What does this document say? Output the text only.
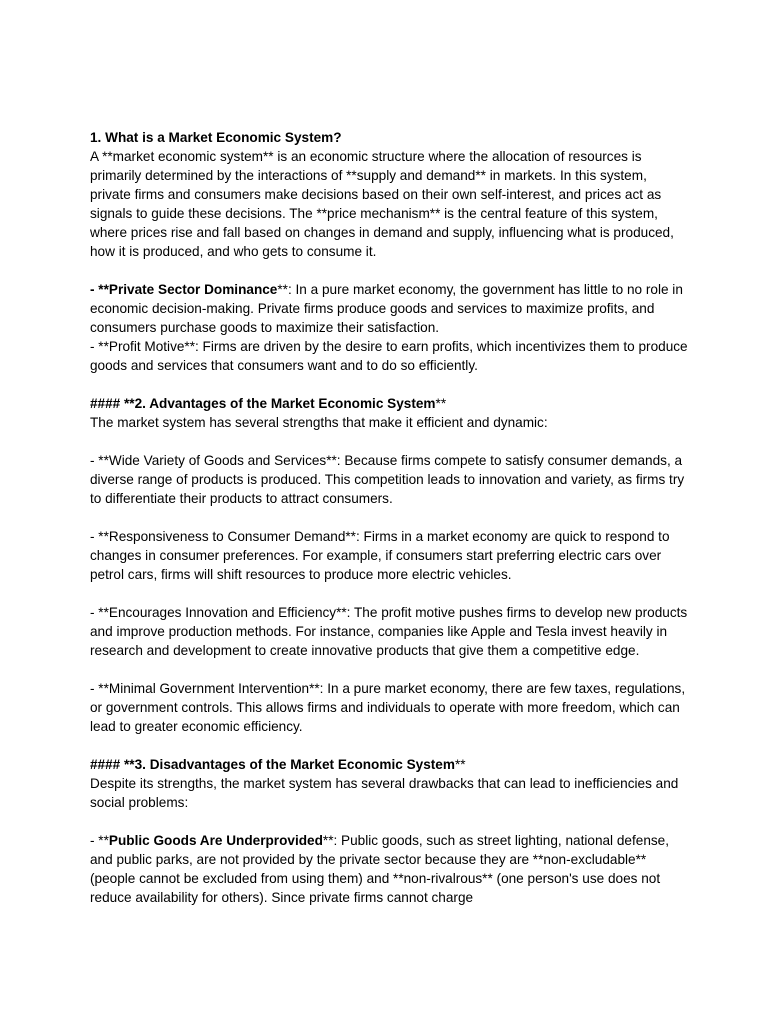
1. What is a Market Economic System?

A **market economic system** is an economic structure where the allocation of resources is primarily determined by the interactions of **supply and demand** in markets. In this system, private firms and consumers make decisions based on their own self-interest, and prices act as signals to guide these decisions. The **price mechanism** is the central feature of this system, where prices rise and fall based on changes in demand and supply, influencing what is produced, how it is produced, and who gets to consume it.

- **Private Sector Dominance**: In a pure market economy, the government has little to no role in economic decision-making. Private firms produce goods and services to maximize profits, and consumers purchase goods to maximize their satisfaction.

- **Profit Motive**: Firms are driven by the desire to earn profits, which incentivizes them to produce goods and services that consumers want and to do so efficiently.

#### **2. Advantages of the Market Economic System**

The market system has several strengths that make it efficient and dynamic:

- **Wide Variety of Goods and Services**: Because firms compete to satisfy consumer demands, a diverse range of products is produced. This competition leads to innovation and variety, as firms try to differentiate their products to attract consumers.

- **Responsiveness to Consumer Demand**: Firms in a market economy are quick to respond to changes in consumer preferences. For example, if consumers start preferring electric cars over petrol cars, firms will shift resources to produce more electric vehicles.

- **Encourages Innovation and Efficiency**: The profit motive pushes firms to develop new products and improve production methods. For instance, companies like Apple and Tesla invest heavily in research and development to create innovative products that give them a competitive edge.

- **Minimal Government Intervention**: In a pure market economy, there are few taxes, regulations, or government controls. This allows firms and individuals to operate with more freedom, which can lead to greater economic efficiency.

#### **3. Disadvantages of the Market Economic System**

Despite its strengths, the market system has several drawbacks that can lead to inefficiencies and social problems:

- **Public Goods Are Underprovided**: Public goods, such as street lighting, national defense, and public parks, are not provided by the private sector because they are **non-excludable** (people cannot be excluded from using them) and **non-rivalrous** (one person's use does not reduce availability for others). Since private firms cannot charge
